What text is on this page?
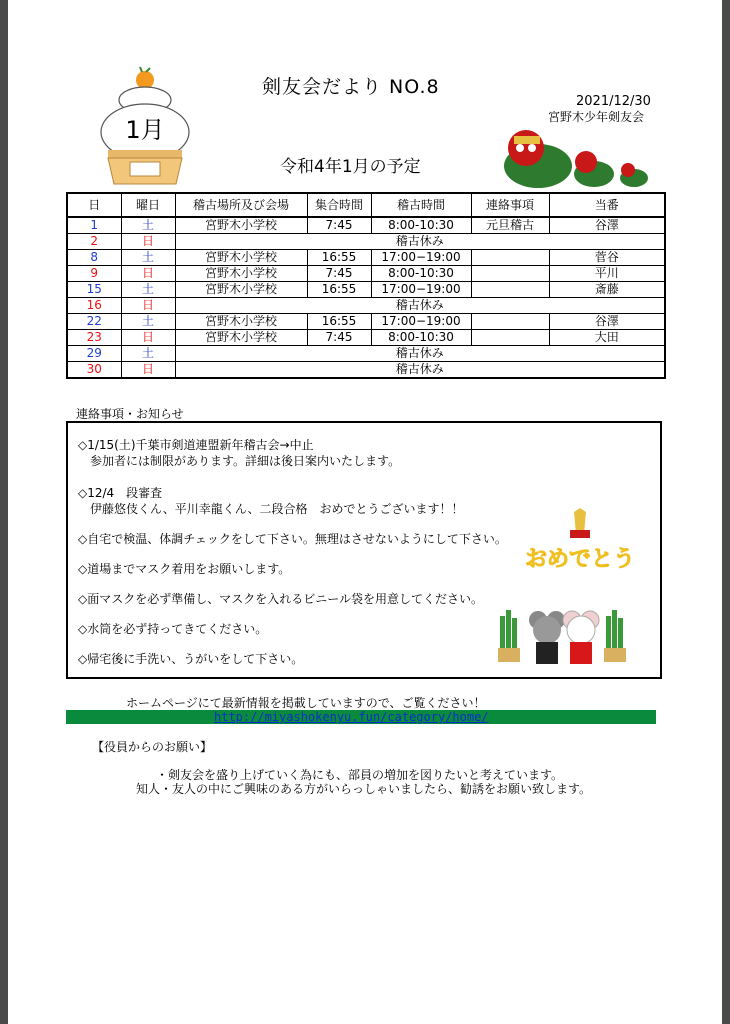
1月
剣友会だより NO.8
2021/12/30
宮野木少年剣友会
令和4年1月の予定
日	曜日	稽古場所及び会場	集合時間	稽古時間	連絡事項	当番
1	土	宮野木小学校	7:45	8:00-10:30	元旦稽古	谷澤
2	日	稽古休み				
8	土	宮野木小学校	16:55	17:00−19:00		菅谷
9	日	宮野木小学校	7:45	8:00-10:30		平川
15	土	宮野木小学校	16:55	17:00−19:00		斎藤
16	日	稽古休み				
22	土	宮野木小学校	16:55	17:00−19:00		谷澤
23	日	宮野木小学校	7:45	8:00-10:30		大田
29	土	稽古休み				
30	日	稽古休み				
連絡事項・お知らせ
◇1/15(土)千葉市剣道連盟新年稽古会→中止
　参加者には制限があります。詳細は後日案内いたします。
◇12/4　段審査
　伊藤悠伎くん、平川幸龍くん、二段合格　おめでとうございます！！
◇自宅で検温、体調チェックをして下さい。無理はさせないようにして下さい。
◇道場までマスク着用をお願いします。
◇面マスクを必ず準備し、マスクを入れるビニール袋を用意してください。
◇水筒を必ず持ってきてください。
◇帰宅後に手洗い、うがいをして下さい。
おめでとう
ホームページにて最新情報を掲載していますので、ご覧ください！
http://miyashokenyu.fun/category/home/
【役員からのお願い】
・剣友会を盛り上げていく為にも、部員の増加を図りたいと考えています。
知人・友人の中にご興味のある方がいらっしゃいましたら、勧誘をお願い致します。
